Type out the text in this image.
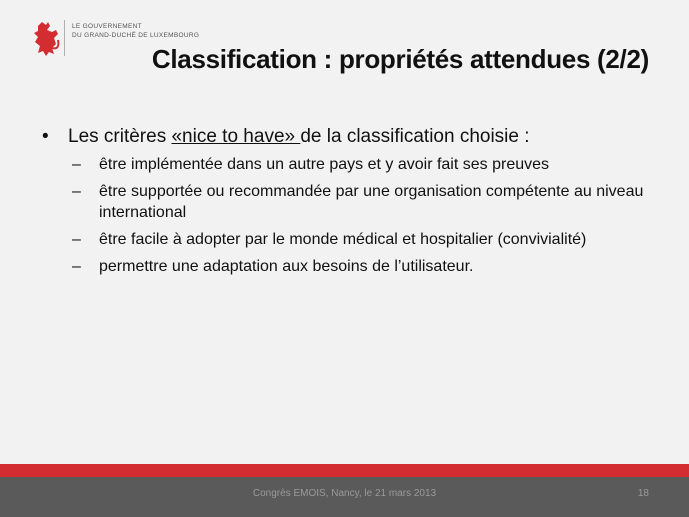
LE GOUVERNEMENT
DU GRAND-DUCHÉ DE LUXEMBOURG
Classification : propriétés attendues (2/2)
•	Les critères «nice to have» de la classification choisie :
–	être implémentée dans un autre pays et y avoir fait ses preuves
–	être supportée ou recommandée par une organisation compétente au niveau international
–	être facile à adopter par le monde médical et hospitalier (convivialité)
–	permettre une adaptation aux besoins de l’utilisateur.
Congrès EMOIS, Nancy, le 21 mars 2013	18
